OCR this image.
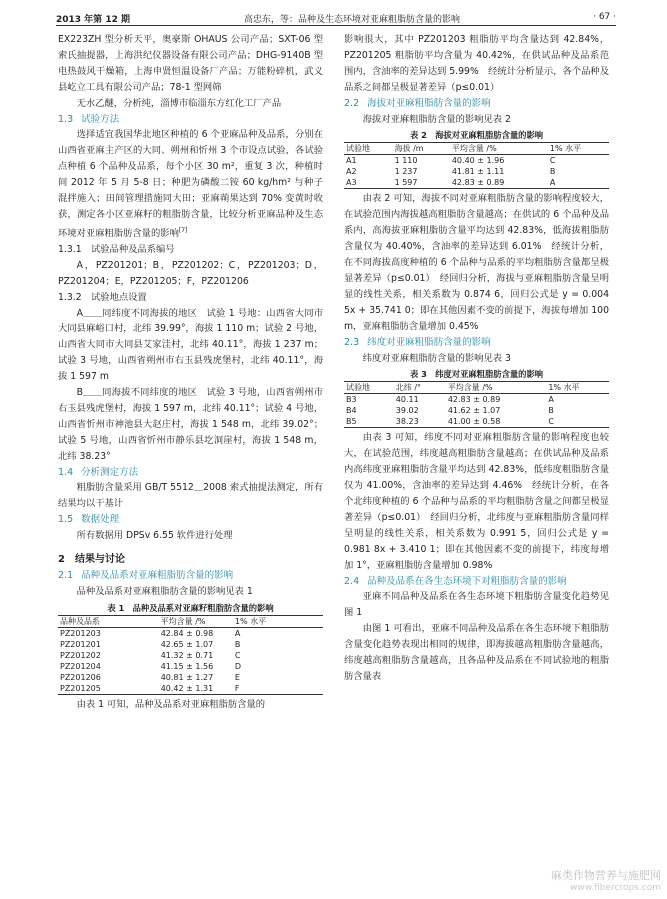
2013 年第 12 期	高忠东，等：品种及生态环境对亚麻粗脂肪含量的影响	· 67 ·

EX223ZH 型分析天平，奥豪斯 OHAUS 公司产品；SXT-06 型索氏抽提器，上海洪纪仪器设备有限公司产品；DHG-9140B 型电热鼓风干燥箱，上海申贤恒温设备厂产品；万能粉碎机，武义县屹立工具有限公司产品；78-1 型网筛

无水乙醚，分析纯，淄博市临淄东方红化工厂产品

1.3 试验方法

选择适宜我国华北地区种植的 6 个亚麻品种及品系，分别在山西省亚麻主产区的大同、朔州和忻州 3 个市设点试验，各试验点种植 6 个品种及品系，每个小区 30 m²，重复 3 次，种植时间 2012 年 5 月 5-8 日；种肥为磷酸二铵 60 kg/hm² 与种子混拌施入；田间管理措施同大田；亚麻蒴果达到 70% 变黄时收获，测定各小区亚麻籽的粗脂肪含量，比较分析亚麻品种及生态环境对亚麻粗脂肪含量的影响[7]

1.3.1　试验品种及品系编号

A，PZ201201；B，PZ201202；C，PZ201203；D，PZ201204；E，PZ201205；F，PZ201206

1.3.2　试验地点设置

A＿＿同纬度不同海拔的地区　试验 1 号地：山西省大同市大同县麻峪口村，北纬 39.99°，海拔 1 110 m；试验 2 号地，山西省大同市大同县艾家洼村，北纬 40.11°，海拔 1 237 m；试验 3 号地，山西省朔州市右玉县残虎堡村，北纬 40.11°，海拔 1 597 m

B＿＿同海拔不同纬度的地区　试验 3 号地，山西省朔州市右玉县残虎堡村，海拔 1 597 m，北纬 40.11°；试验 4 号地，山西省忻州市神池县大赵庄村，海拔 1 548 m，北纬 39.02°；试验 5 号地，山西省忻州市静乐县圪洞崖村，海拔 1 548 m，北纬 38.23°

1.4 分析测定方法

粗脂肪含量采用 GB/T 5512＿2008 索式抽提法测定，所有结果均以干基计

1.5 数据处理

所有数据用 DPSv 6.55 软件进行处理

2　结果与讨论
2.1 品种及品系对亚麻粗脂肪含量的影响

品种及品系对亚麻粗脂肪含量的影响见表 1

表 1　品种及品系对亚麻籽粗脂肪含量的影响
品种及品系	平均含量 /%	1% 水平
PZ201203	42.84 ± 0.98	A
PZ201201	42.65 ± 1.07	B
PZ201202	41.32 ± 0.71	C
PZ201204	41.15 ± 1.56	D
PZ201206	40.81 ± 1.27	E
PZ201205	40.42 ± 1.31	F

由表 1 可知，品种及品系对亚麻粗脂肪含量的

影响很大，其中 PZ201203 粗脂肪平均含量达到 42.84%，PZ201205 粗脂肪平均含量为 40.42%，在供试品种及品系范围内，含油率的差异达到 5.99%　经统计分析显示，各个品种及品系之间都呈极显著差异（p≤0.01）

2.2 海拔对亚麻粗脂肪含量的影响

海拔对亚麻粗脂肪含量的影响见表 2

表 2　海拔对亚麻粗脂肪含量的影响
试验地	海拔 /m	平均含量 /%	1% 水平
A1	1 110	40.40 ± 1.96	C
A2	1 237	41.81 ± 1.11	B
A3	1 597	42.83 ± 0.89	A

由表 2 可知，海拔不同对亚麻粗脂肪含量的影响程度较大，在试验范围内海拔越高粗脂肪含量越高；在供试的 6 个品种及品系内，高海拔亚麻粗脂肪含量平均达到 42.83%，低海拔粗脂肪含量仅为 40.40%，含油率的差异达到 6.01%　经统计分析，在不同海拔高度种植的 6 个品种与品系的平均粗脂肪含量都呈极显著差异（p≤0.01）　经回归分析，海拔与亚麻粗脂肪含量呈明显的线性关系，相关系数为 0.874 6，回归公式是 y = 0.004 5x + 35.741 0；即在其他因素不变的前提下，海拔每增加 100 m，亚麻粗脂肪含量增加 0.45%

2.3 纬度对亚麻粗脂肪含量的影响

纬度对亚麻粗脂肪含量的影响见表 3

表 3　纬度对亚麻粗脂肪含量的影响
试验地	北纬 /°	平均含量 /%	1% 水平
B3	40.11	42.83 ± 0.89	A
B4	39.02	41.62 ± 1.07	B
B5	38.23	41.00 ± 0.58	C

由表 3 可知，纬度不同对亚麻粗脂肪含量的影响程度也较大，在试验范围，纬度越高粗脂肪含量越高；在供试品种及品系内高纬度亚麻粗脂肪含量平均达到 42.83%，低纬度粗脂肪含量仅为 41.00%，含油率的差异达到 4.46%　经统计分析，在各个北纬度种植的 6 个品种与品系的平均粗脂肪含量之间都呈极显著差异（p≤0.01）　经回归分析，北纬度与亚麻粗脂肪含量同样呈明显的线性关系，相关系数为 0.991 5，回归公式是 y = 0.981 8x + 3.410 1；即在其他因素不变的前提下，纬度每增加 1°，亚麻粗脂肪含量增加 0.98%

2.4 品种及品系在各生态环境下对粗脂肪含量的影响

亚麻不同品种及品系在各生态环境下粗脂肪含量变化趋势见图 1

由图 1 可看出，亚麻不同品种及品系在各生态环境下粗脂肪含量变化趋势表现出相同的规律，即海拔越高粗脂肪含量越高，纬度越高粗脂肪含量越高，且各品种及品系在不同试验地的粗脂肪含量表

麻类作物营养与施肥网
www.fibercrops.com
